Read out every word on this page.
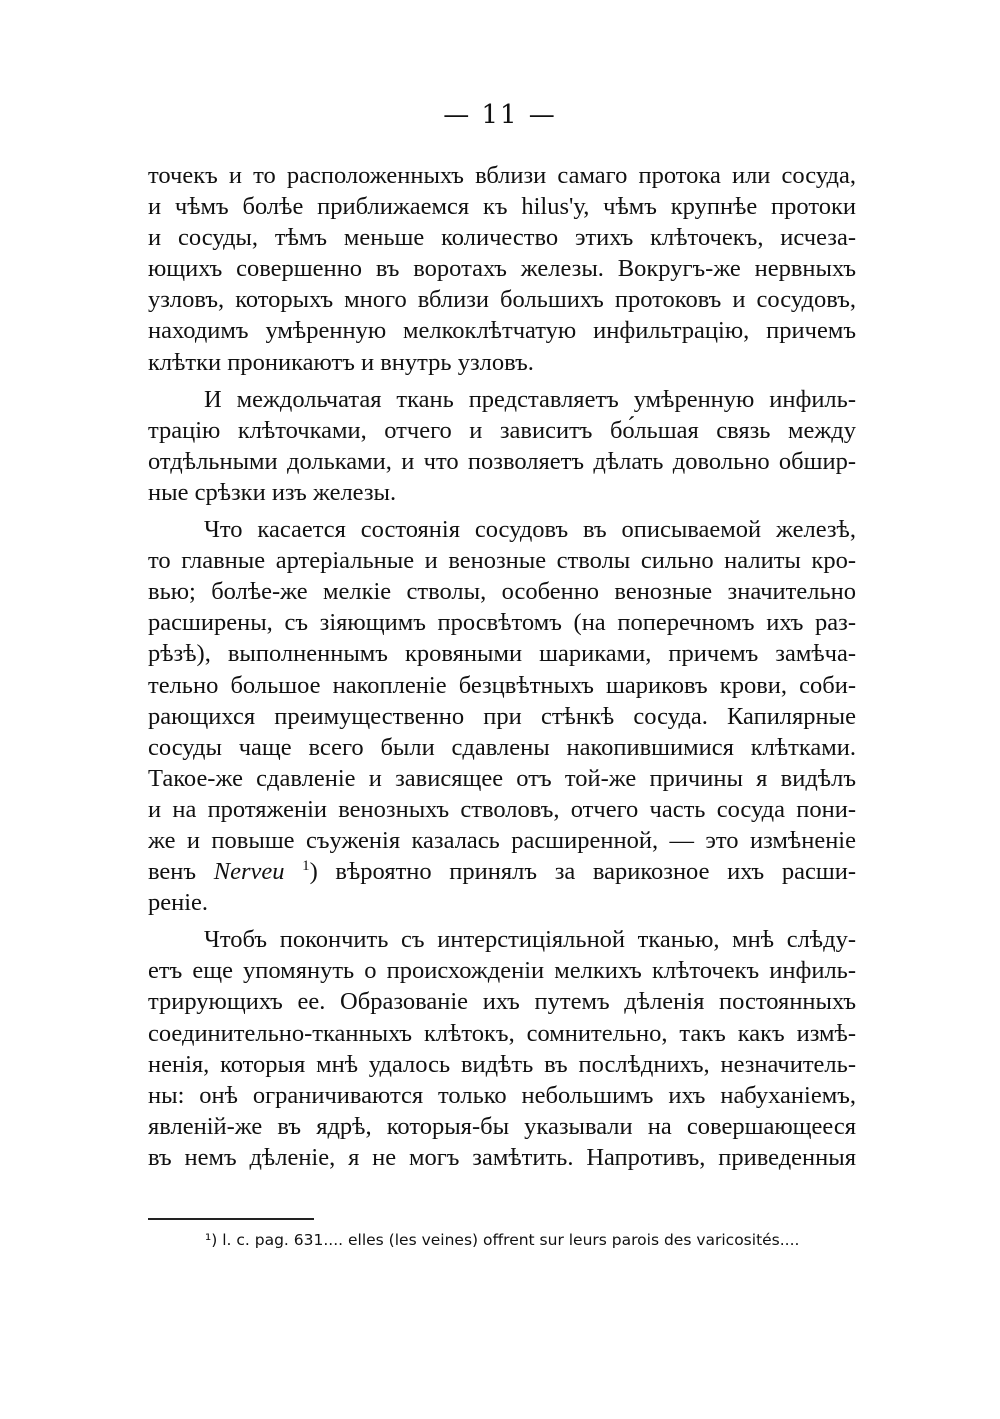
— 11 —
точекъ и то расположенныхъ вблизи самаго протока или сосуда,
и чѣмъ болѣе приближаемся къ hilus'у, чѣмъ крупнѣе протоки
и сосуды, тѣмъ меньше количество этихъ клѣточекъ, исчеза-
ющихъ совершенно въ воротахъ железы. Вокругъ-же нервныхъ
узловъ, которыхъ много вблизи большихъ протоковъ и сосудовъ,
находимъ умѣренную мелкоклѣтчатую инфильтрацію, причемъ
клѣтки проникаютъ и внутрь узловъ.
И междольчатая ткань представляетъ умѣренную инфиль-
трацію клѣточками, отчего и зависитъ бо́льшая связь между
отдѣльными дольками, и что позволяетъ дѣлать довольно обшир-
ные срѣзки изъ железы.
Что касается состоянія сосудовъ въ описываемой железѣ,
то главные артеріальные и венозные стволы сильно налиты кро-
вью; болѣе-же мелкіе стволы, особенно венозные значительно
расширены, съ зіяющимъ просвѣтомъ (на поперечномъ ихъ раз-
рѣзѣ), выполненнымъ кровяными шариками, причемъ замѣча-
тельно большое накопленіе безцвѣтныхъ шариковъ крови, соби-
рающихся преимущественно при стѣнкѣ сосуда. Капилярные
сосуды чаще всего были сдавлены накопившимися клѣтками.
Такое-же сдавленіе и зависящее отъ той-же причины я видѣлъ
и на протяженіи венозныхъ стволовъ, отчего часть сосуда пони-
же и повыше съуженія казалась расширенной, — это измѣненіе
венъ Nerveu $^1$) вѣроятно принялъ за варикозное ихъ расши-
реніе.
Чтобъ покончить съ интерстиціяльной тканью, мнѣ слѣду-
етъ еще упомянуть о происхожденіи мелкихъ клѣточекъ инфиль-
трирующихъ ее. Образованіе ихъ путемъ дѣленія постоянныхъ
соединительно-тканныхъ клѣтокъ, сомнительно, такъ какъ измѣ-
ненія, которыя мнѣ удалось видѣть въ послѣднихъ, незначитель-
ны: онѣ ограничиваются только небольшимъ ихъ набуханіемъ,
явленій-же въ ядрѣ, которыя-бы указывали на совершающееся
въ немъ дѣленіе, я не могъ замѣтить. Напротивъ, приведенныя
¹) l. c. pag. 631.... elles (les veines) offrent sur leurs parois des varicosités....
